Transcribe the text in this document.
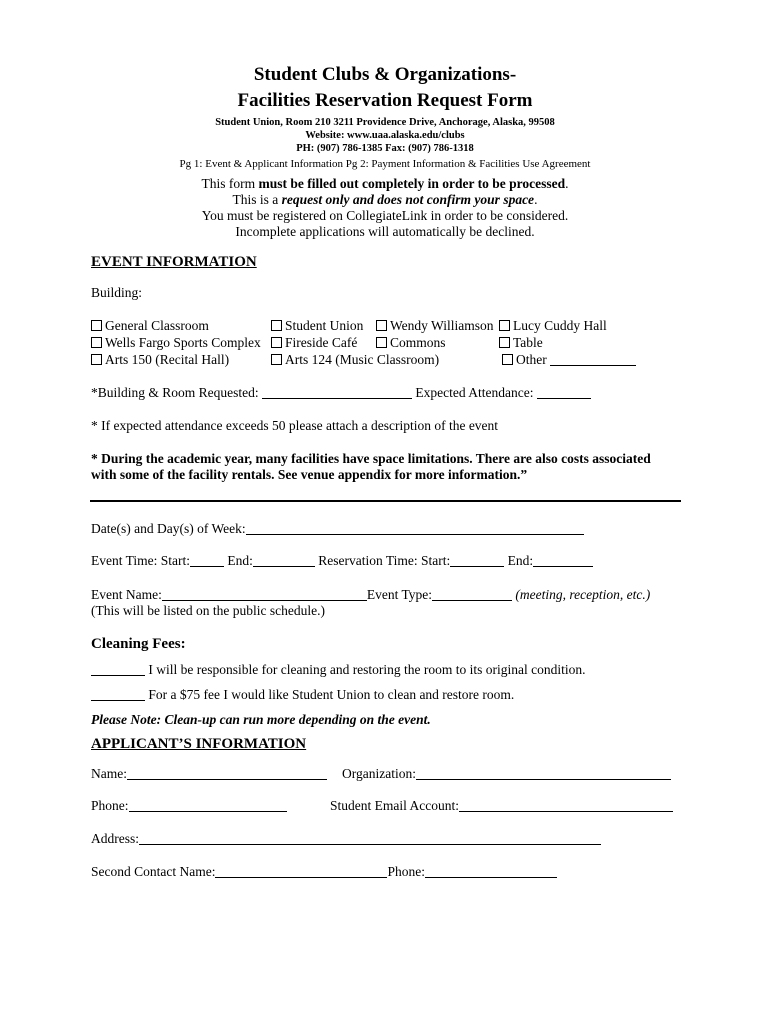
Student Clubs & Organizations-
Facilities Reservation Request Form
Student Union, Room 210 3211 Providence Drive, Anchorage, Alaska, 99508
Website: www.uaa.alaska.edu/clubs
PH: (907) 786-1385 Fax: (907) 786-1318
Pg 1: Event & Applicant Information Pg 2: Payment Information & Facilities Use Agreement
This form must be filled out completely in order to be processed.
This is a request only and does not confirm your space.
You must be registered on CollegiateLink in order to be considered.
Incomplete applications will automatically be declined.
EVENT INFORMATION
Building:
General Classroom	Student Union	Wendy Williamson	Lucy Cuddy Hall
Wells Fargo Sports Complex	Fireside Café	Commons	Table
Arts 150 (Recital Hall)	Arts 124 (Music Classroom)	Other
*Building & Room Requested:	Expected Attendance:
* If expected attendance exceeds 50 please attach a description of the event
* During the academic year, many facilities have space limitations. There are also costs associated
with some of the facility rentals. See venue appendix for more information.”
Date(s) and Day(s) of Week:
Event Time: Start:	End:	Reservation Time: Start:	End:
Event Name:	Event Type:	(meeting, reception, etc.)
(This will be listed on the public schedule.)
Cleaning Fees:
I will be responsible for cleaning and restoring the room to its original condition.
For a $75 fee I would like Student Union to clean and restore room.
Please Note: Clean-up can run more depending on the event.
APPLICANT’S INFORMATION
Name:	Organization:
Phone:	Student Email Account:
Address:
Second Contact Name:	Phone:
